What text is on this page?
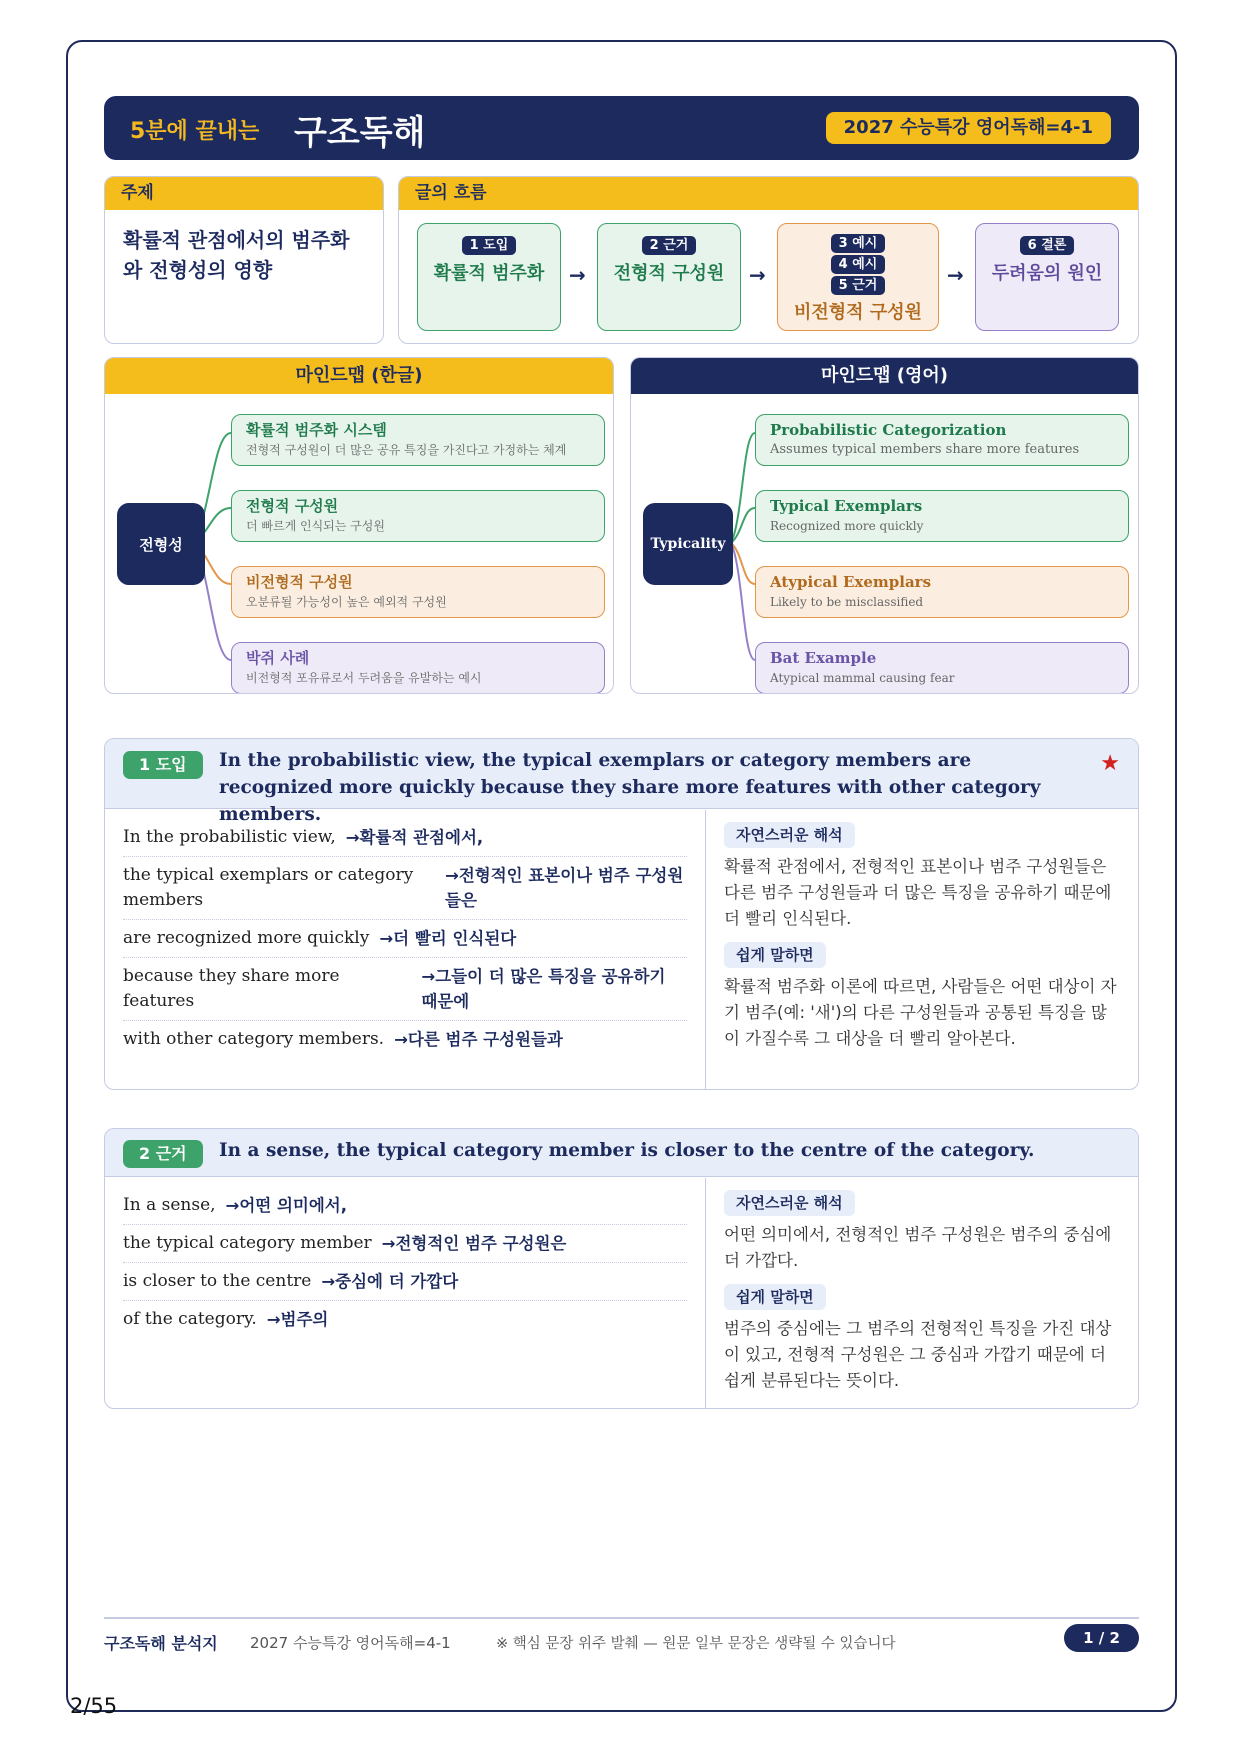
5분에 끝내는 구조독해	2027 수능특강 영어독해=4-1
주제
확률적 관점에서의 범주화와 전형성의 영향
글의 흐름
1 도입
확률적 범주화	→
2 근거
전형적 구성원	→
3 예시
4 예시
5 근거
비전형적 구성원
→
6 결론
두려움의 원인
마인드맵 (한글)
전형성
확률적 범주화 시스템
전형적 구성원이 더 많은 공유 특징을 가진다고 가정하는 체계
전형적 구성원
더 빠르게 인식되는 구성원
비전형적 구성원
오분류될 가능성이 높은 예외적 구성원
박쥐 사례
비전형적 포유류로서 두려움을 유발하는 예시
마인드맵 (영어)
Typicality
Probabilistic Categorization
Assumes typical members share more features
Typical Exemplars
Recognized more quickly
Atypical Exemplars
Likely to be misclassified
Bat Example
Atypical mammal causing fear
1 도입	In the probabilistic view, the typical exemplars or category members are recognized more quickly because they share more features with other category members.
★
In the probabilistic view, →확률적 관점에서,
the typical exemplars or category members
→전형적인 표본이나 범주 구성원들은
are recognized more quickly →더 빨리 인식된다
because they share more features
→그들이 더 많은 특징을 공유하기 때문에
with other category members. →다른 범주 구성원들과
자연스러운 해석
확률적 관점에서, 전형적인 표본이나 범주 구성원들은 다른 범주 구성원들과 더 많은 특징을 공유하기 때문에 더 빨리 인식된다.
쉽게 말하면
확률적 범주화 이론에 따르면, 사람들은 어떤 대상이 자기 범주(예: '새')의 다른 구성원들과 공통된 특징을 많이 가질수록 그 대상을 더 빨리 알아본다.
2 근거	In a sense, the typical category member is closer to the centre of the category.
In a sense, →어떤 의미에서,
the typical category member →전형적인 범주 구성원은
is closer to the centre →중심에 더 가깝다
of the category. →범주의
자연스러운 해석
어떤 의미에서, 전형적인 범주 구성원은 범주의 중심에 더 가깝다.
쉽게 말하면
범주의 중심에는 그 범주의 전형적인 특징을 가진 대상이 있고, 전형적 구성원은 그 중심과 가깝기 때문에 더 쉽게 분류된다는 뜻이다.
구조독해 분석지 2027 수능특강 영어독해=4-1	※ 핵심 문장 위주 발췌 — 원문 일부 문장은 생략될 수 있습니다	1 / 2
2/55
